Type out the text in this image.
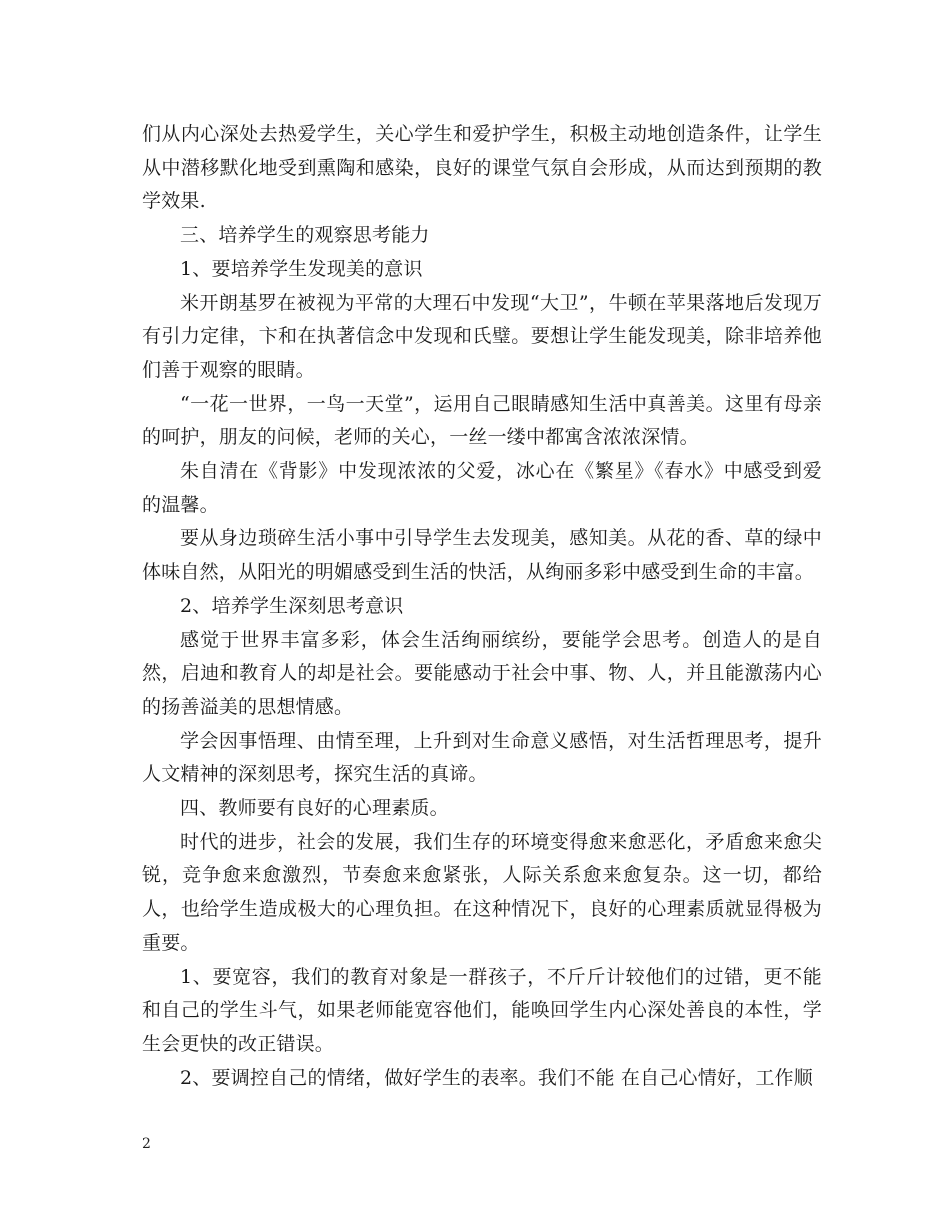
们从内心深处去热爱学生，关心学生和爱护学生，积极主动地创造条件，让学生从中潜移默化地受到熏陶和感染，良好的课堂气氛自会形成，从而达到预期的教学效果.

三、培养学生的观察思考能力

1、要培养学生发现美的意识

米开朗基罗在被视为平常的大理石中发现“大卫”，牛顿在苹果落地后发现万有引力定律，卞和在执著信念中发现和氏璧。要想让学生能发现美，除非培养他们善于观察的眼睛。

“一花一世界，一鸟一天堂”，运用自己眼睛感知生活中真善美。这里有母亲的呵护，朋友的问候，老师的关心，一丝一缕中都寓含浓浓深情。

朱自清在《背影》中发现浓浓的父爱，冰心在《繁星》《春水》中感受到爱的温馨。

要从身边琐碎生活小事中引导学生去发现美，感知美。从花的香、草的绿中体味自然，从阳光的明媚感受到生活的快活，从绚丽多彩中感受到生命的丰富。

2、培养学生深刻思考意识

感觉于世界丰富多彩，体会生活绚丽缤纷，要能学会思考。创造人的是自然，启迪和教育人的却是社会。要能感动于社会中事、物、人，并且能激荡内心的扬善溢美的思想情感。

学会因事悟理、由情至理，上升到对生命意义感悟，对生活哲理思考，提升人文精神的深刻思考，探究生活的真谛。

四、教师要有良好的心理素质。

时代的进步，社会的发展，我们生存的环境变得愈来愈恶化，矛盾愈来愈尖锐，竞争愈来愈激烈，节奏愈来愈紧张，人际关系愈来愈复杂。这一切，都给人，也给学生造成极大的心理负担。在这种情况下，良好的心理素质就显得极为重要。

1、要宽容，我们的教育对象是一群孩子，不斤斤计较他们的过错，更不能和自己的学生斗气，如果老师能宽容他们，能唤回学生内心深处善良的本性，学生会更快的改正错误。

2、要调控自己的情绪，做好学生的表率。我们不能 在自己心情好，工作顺

2
